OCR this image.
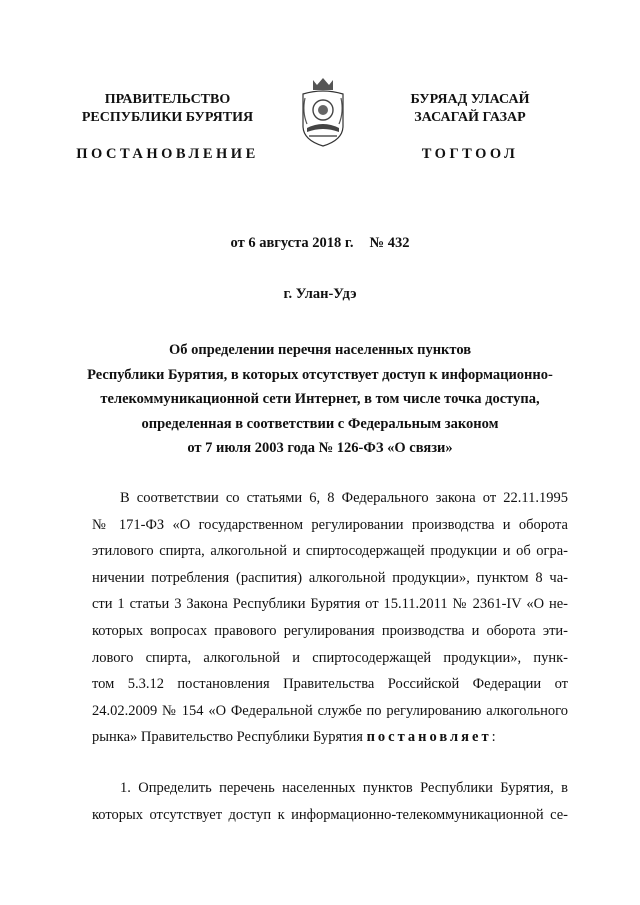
ПРАВИТЕЛЬСТВО
РЕСПУБЛИКИ БУРЯТИЯ
ПОСТАНОВЛЕНИЕ
БУРЯАД УЛАСАЙ
ЗАСАГАЙ ГАЗАР
ТОГТООЛ
от 6 августа 2018 г. № 432
г. Улан-Удэ
Об определении перечня населенных пунктов
Республики Бурятия, в которых отсутствует доступ к информационно-
телекоммуникационной сети Интернет, в том числе точка доступа,
определенная в соответствии с Федеральным законом
от 7 июля 2003 года № 126-ФЗ «О связи»
В соответствии со статьями 6, 8 Федерального закона от 22.11.1995
№ 171-ФЗ «О государственном регулировании производства и оборота
этилового спирта, алкогольной и спиртосодержащей продукции и об огра-
ничении потребления (распития) алкогольной продукции», пунктом 8 ча-
сти 1 статьи 3 Закона Республики Бурятия от 15.11.2011 № 2361-IV «О не-
которых вопросах правового регулирования производства и оборота эти-
лового спирта, алкогольной и спиртосодержащей продукции», пунк-
том 5.3.12 постановления Правительства Российской Федерации от
24.02.2009 № 154 «О Федеральной службе по регулированию алкогольного
рынка» Правительство Республики Бурятия постановляет:
1. Определить перечень населенных пунктов Республики Бурятия, в
которых отсутствует доступ к информационно-телекоммуникационной се-
